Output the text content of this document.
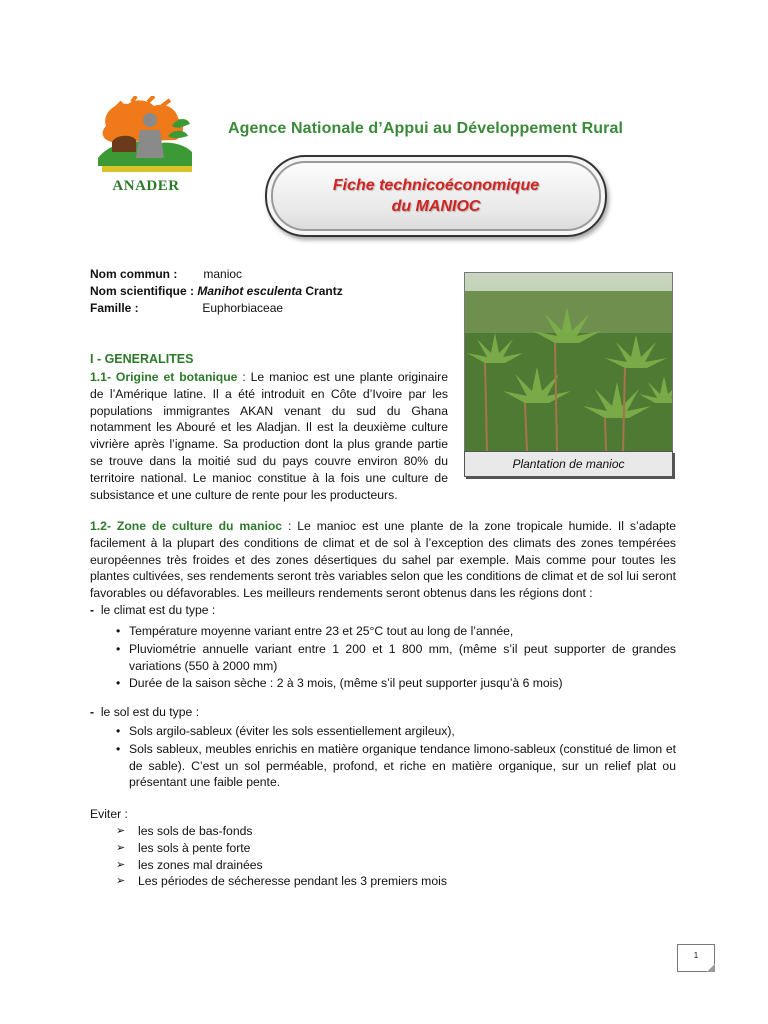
ANADER
Agence Nationale d’Appui au Développement Rural
Fiche technicoéconomique
du MANIOC
Nom commun : manioc
Nom scientifique : Manihot esculenta Crantz
Famille :	Euphorbiaceae
Plantation de manioc
I - GENERALITES
1.1- Origine et botanique : Le manioc est une plante originaire de l’Amérique latine. Il a été introduit en Côte d’Ivoire par les populations immigrantes AKAN venant du sud du Ghana notamment les Abouré et les Aladjan. Il est la deuxième culture vivrière après l’igname. Sa production dont la plus grande partie se trouve dans la moitié sud du pays couvre environ 80% du territoire national. Le manioc constitue à la fois une culture de subsistance et une culture de rente pour les producteurs.
1.2- Zone de culture du manioc : Le manioc est une plante de la zone tropicale humide. Il s’adapte facilement à la plupart des conditions de climat et de sol à l’exception des climats des zones tempérées européennes très froides et des zones désertiques du sahel par exemple. Mais comme pour toutes les plantes cultivées, ses rendements seront très variables selon que les conditions de climat et de sol lui seront favorables ou défavorables. Les meilleurs rendements seront obtenus dans les régions dont :
- le climat est du type :
• Température moyenne variant entre 23 et 25°C tout au long de l’année,
• Pluviométrie annuelle variant entre 1 200 et 1 800 mm, (même s’il peut supporter de grandes variations (550 à 2000 mm)
• Durée de la saison sèche : 2 à 3 mois, (même s’il peut supporter jusqu’à 6 mois)
- le sol est du type :
• Sols argilo-sableux (éviter les sols essentiellement argileux),
• Sols sableux, meubles enrichis en matière organique tendance limono-sableux (constitué de limon et de sable). C’est un sol perméable, profond, et riche en matière organique, sur un relief plat ou présentant une faible pente.
Eviter :
➢ les sols de bas-fonds
➢ les sols à pente forte
➢ les zones mal drainées
➢ Les périodes de sécheresse pendant les 3 premiers mois
1
